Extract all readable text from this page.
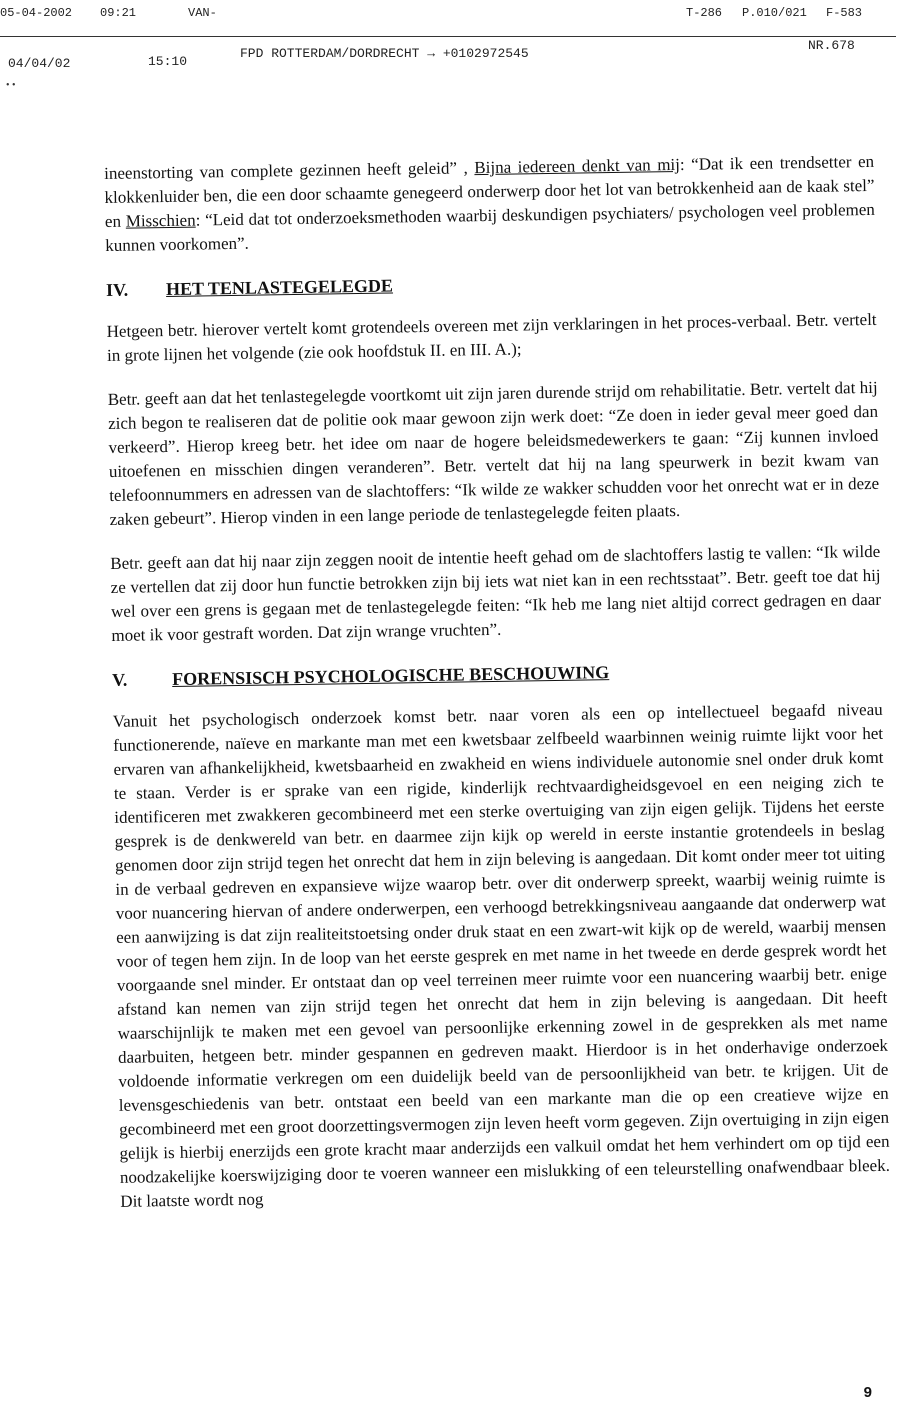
05-04-2002 09:21	VAN-	T-286 P.010/021 F-583
04/04/02	15:10
FPD ROTTERDAM/DORDRECHT → +0102972545
NR.678
• •

ineenstorting van complete gezinnen heeft geleid” , Bijna iedereen denkt van mij: “Dat ik een trendsetter en klokkenluider ben, die een door schaamte genegeerd onderwerp door het lot van betrokkenheid aan de kaak stel” en Misschien: “Leid dat tot onderzoeksmethoden waarbij deskundigen psychiaters/ psychologen veel problemen kunnen voorkomen”.

IV.	HET TENLASTEGELEGDE

Hetgeen betr. hierover vertelt komt grotendeels overeen met zijn verklaringen in het proces-verbaal. Betr. vertelt in grote lijnen het volgende (zie ook hoofdstuk II. en III. A.);

Betr. geeft aan dat het tenlastegelegde voortkomt uit zijn jaren durende strijd om rehabilitatie. Betr. vertelt dat hij zich begon te realiseren dat de politie ook maar gewoon zijn werk doet: “Ze doen in ieder geval meer goed dan verkeerd”. Hierop kreeg betr. het idee om naar de hogere beleidsmedewerkers te gaan: “Zij kunnen invloed uitoefenen en misschien dingen veranderen”. Betr. vertelt dat hij na lang speurwerk in bezit kwam van telefoonnummers en adressen van de slachtoffers: “Ik wilde ze wakker schudden voor het onrecht wat er in deze zaken gebeurt”. Hierop vinden in een lange periode de tenlastegelegde feiten plaats.

Betr. geeft aan dat hij naar zijn zeggen nooit de intentie heeft gehad om de slachtoffers lastig te vallen: “Ik wilde ze vertellen dat zij door hun functie betrokken zijn bij iets wat niet kan in een rechtsstaat”. Betr. geeft toe dat hij wel over een grens is gegaan met de tenlastegelegde feiten: “Ik heb me lang niet altijd correct gedragen en daar moet ik voor gestraft worden. Dat zijn wrange vruchten”.

V.	FORENSISCH PSYCHOLOGISCHE BESCHOUWING

Vanuit het psychologisch onderzoek komst betr. naar voren als een op intellectueel begaafd niveau functionerende, naïeve en markante man met een kwetsbaar zelfbeeld waarbinnen weinig ruimte lijkt voor het ervaren van afhankelijkheid, kwetsbaarheid en zwakheid en wiens individuele autonomie snel onder druk komt te staan. Verder is er sprake van een rigide, kinderlijk rechtvaardigheidsgevoel en een neiging zich te identificeren met zwakkeren gecombineerd met een sterke overtuiging van zijn eigen gelijk. Tijdens het eerste gesprek is de denkwereld van betr. en daarmee zijn kijk op wereld in eerste instantie grotendeels in beslag genomen door zijn strijd tegen het onrecht dat hem in zijn beleving is aangedaan. Dit komt onder meer tot uiting in de verbaal gedreven en expansieve wijze waarop betr. over dit onderwerp spreekt, waarbij weinig ruimte is voor nuancering hiervan of andere onderwerpen, een verhoogd betrekkingsniveau aangaande dat onderwerp wat een aanwijzing is dat zijn realiteitstoetsing onder druk staat en een zwart-wit kijk op de wereld, waarbij mensen voor of tegen hem zijn. In de loop van het eerste gesprek en met name in het tweede en derde gesprek wordt het voorgaande snel minder. Er ontstaat dan op veel terreinen meer ruimte voor een nuancering waarbij betr. enige afstand kan nemen van zijn strijd tegen het onrecht dat hem in zijn beleving is aangedaan. Dit heeft waarschijnlijk te maken met een gevoel van persoonlijke erkenning zowel in de gesprekken als met name daarbuiten, hetgeen betr. minder gespannen en gedreven maakt. Hierdoor is in het onderhavige onderzoek voldoende informatie verkregen om een duidelijk beeld van de persoonlijkheid van betr. te krijgen. Uit de levensgeschiedenis van betr. ontstaat een beeld van een markante man die op een creatieve wijze en gecombineerd met een groot doorzettingsvermogen zijn leven heeft vorm gegeven. Zijn overtuiging in zijn eigen gelijk is hierbij enerzijds een grote kracht maar anderzijds een valkuil omdat het hem verhindert om op tijd een noodzakelijke koerswijziging door te voeren wanneer een mislukking of een teleurstelling onafwendbaar bleek. Dit laatste wordt nog

9
